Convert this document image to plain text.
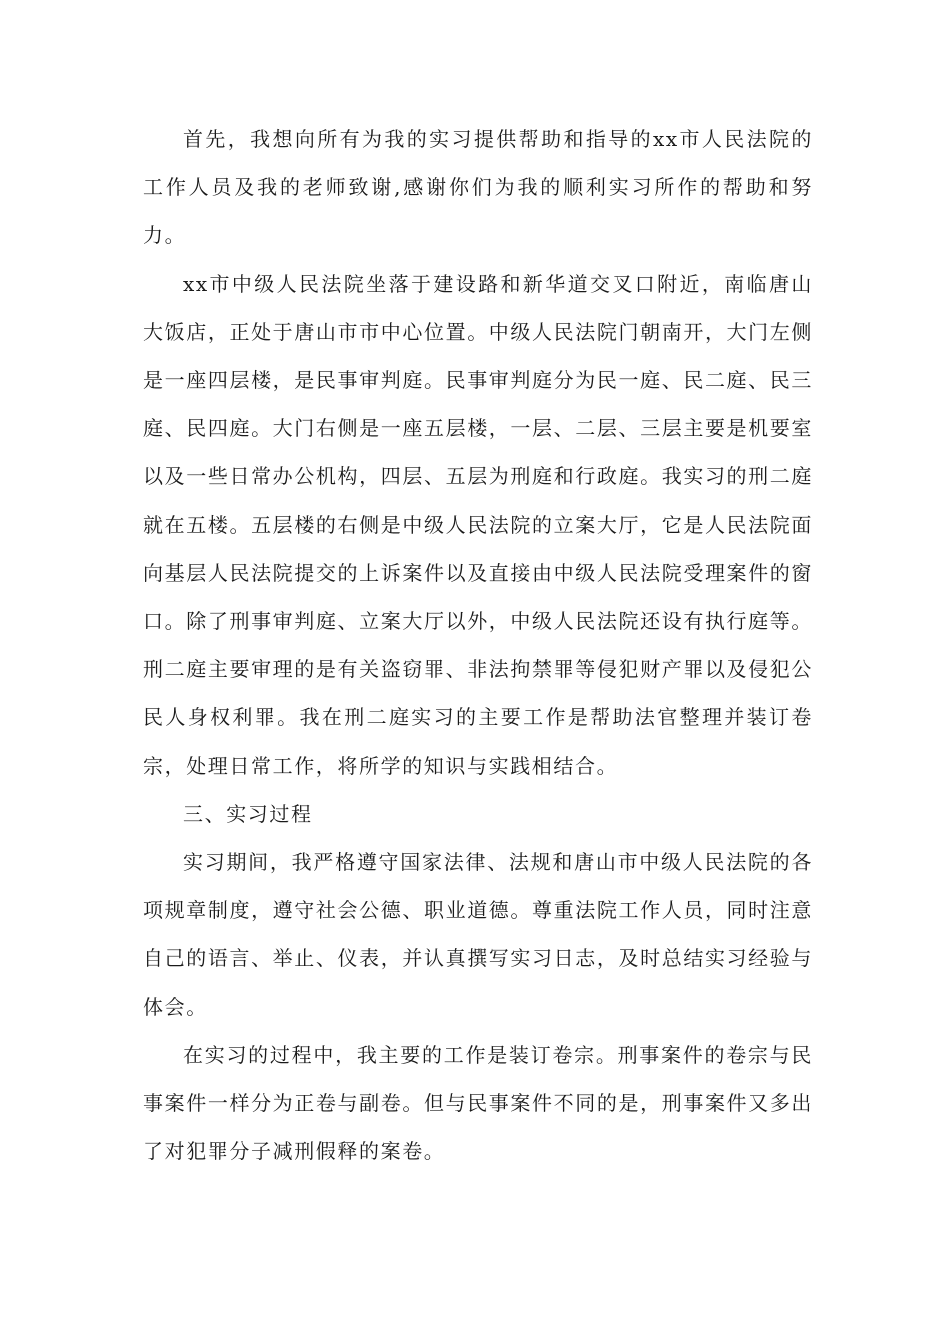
首先，我想向所有为我的实习提供帮助和指导的xx市人民法院的工作人员及我的老师致谢,感谢你们为我的顺利实习所作的帮助和努力。

xx市中级人民法院坐落于建设路和新华道交叉口附近，南临唐山大饭店，正处于唐山市市中心位置。中级人民法院门朝南开，大门左侧是一座四层楼，是民事审判庭。民事审判庭分为民一庭、民二庭、民三庭、民四庭。大门右侧是一座五层楼，一层、二层、三层主要是机要室以及一些日常办公机构，四层、五层为刑庭和行政庭。我实习的刑二庭就在五楼。五层楼的右侧是中级人民法院的立案大厅，它是人民法院面向基层人民法院提交的上诉案件以及直接由中级人民法院受理案件的窗口。除了刑事审判庭、立案大厅以外，中级人民法院还设有执行庭等。刑二庭主要审理的是有关盗窃罪、非法拘禁罪等侵犯财产罪以及侵犯公民人身权利罪。我在刑二庭实习的主要工作是帮助法官整理并装订卷宗，处理日常工作，将所学的知识与实践相结合。

三、实习过程

实习期间，我严格遵守国家法律、法规和唐山市中级人民法院的各项规章制度，遵守社会公德、职业道德。尊重法院工作人员，同时注意自己的语言、举止、仪表，并认真撰写实习日志，及时总结实习经验与体会。

在实习的过程中，我主要的工作是装订卷宗。刑事案件的卷宗与民事案件一样分为正卷与副卷。但与民事案件不同的是，刑事案件又多出了对犯罪分子减刑假释的案卷。
